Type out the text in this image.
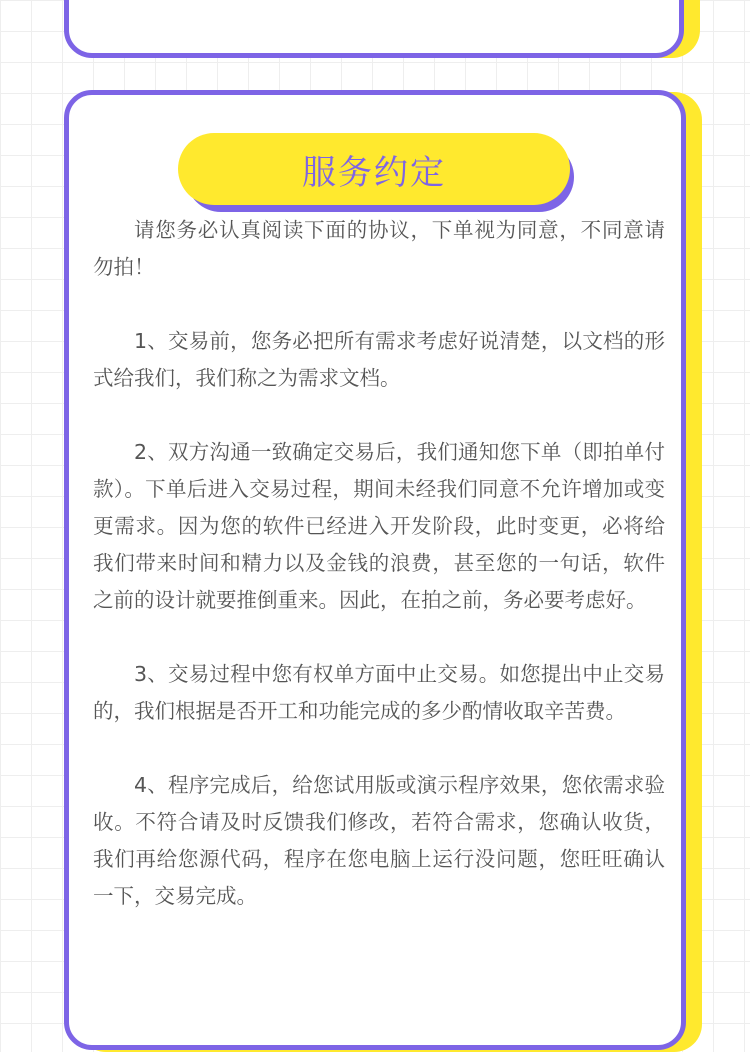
服务约定

请您务必认真阅读下面的协议，下单视为同意，不同意请勿拍！

1、交易前，您务必把所有需求考虑好说清楚，以文档的形式给我们，我们称之为需求文档。

2、双方沟通一致确定交易后，我们通知您下单（即拍单付款）。下单后进入交易过程，期间未经我们同意不允许增加或变更需求。因为您的软件已经进入开发阶段，此时变更，必将给我们带来时间和精力以及金钱的浪费，甚至您的一句话，软件之前的设计就要推倒重来。因此，在拍之前，务必要考虑好。

3、交易过程中您有权单方面中止交易。如您提出中止交易的，我们根据是否开工和功能完成的多少酌情收取辛苦费。

4、程序完成后，给您试用版或演示程序效果，您依需求验收。不符合请及时反馈我们修改，若符合需求，您确认收货，我们再给您源代码，程序在您电脑上运行没问题，您旺旺确认一下，交易完成。
